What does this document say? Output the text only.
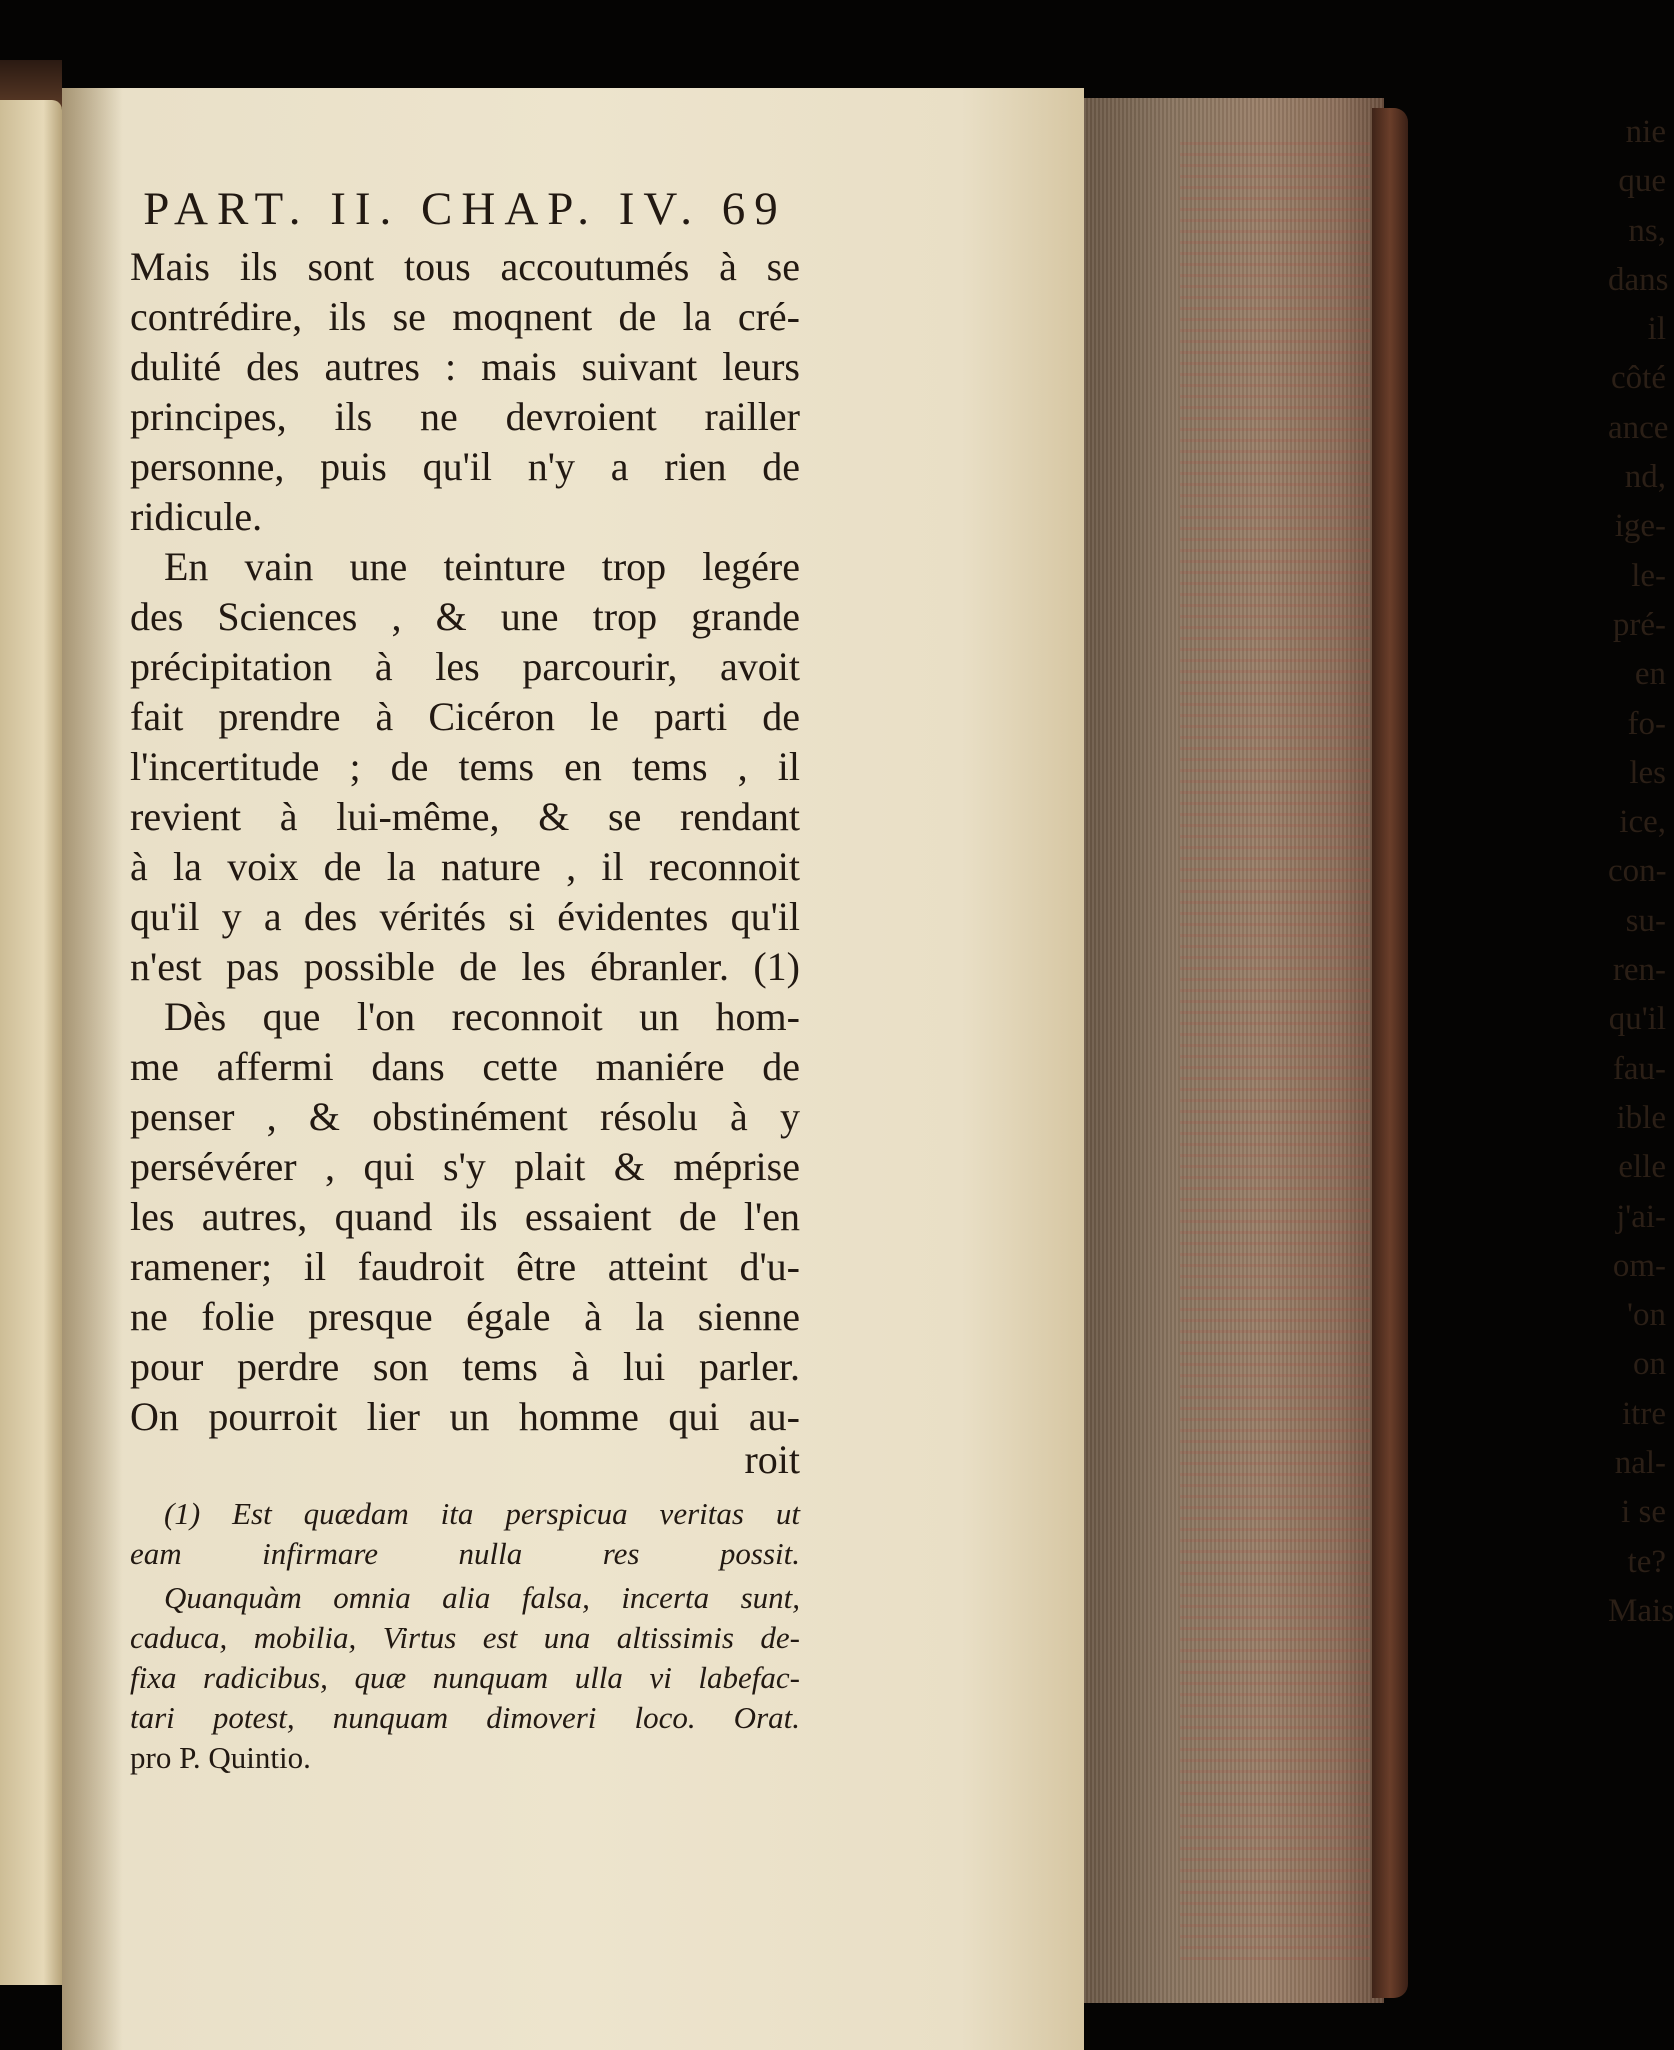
nie
que
ns,
dans
il
côté
ance
nd,
ige-
le-
pré-
en
fo-
les
ice,
con-
su-
ren-
qu'il
fau-
ible
elle
j'ai-
om-
'on
on
itre
nal-
i se
te?
Mais
PART. II. CHAP. IV. 69
Mais ils sont tous accoutumés à se
contrédire, ils se moqnent de la cré-
dulité des autres : mais suivant leurs
principes, ils ne devroient railler
personne, puis qu'il n'y a rien de
ridicule.
En vain une teinture trop legére
des Sciences , & une trop grande
précipitation à les parcourir, avoit
fait prendre à Cicéron le parti de
l'incertitude ; de tems en tems , il
revient à lui-même, & se rendant
à la voix de la nature , il reconnoit
qu'il y a des vérités si évidentes qu'il
n'est pas possible de les ébranler. (1)
Dès que l'on reconnoit un hom-
me affermi dans cette maniére de
penser , & obstinément résolu à y
persévérer , qui s'y plait & méprise
les autres, quand ils essaient de l'en
ramener; il faudroit être atteint d'u-
ne folie presque égale à la sienne
pour perdre son tems à lui parler.
On pourroit lier un homme qui au-
roit
(1) Est quædam ita perspicua veritas ut
eam infirmare nulla res possit.
Quanquàm omnia alia falsa, incerta sunt,
caduca, mobilia, Virtus est una altissimis de-
fixa radicibus, quæ nunquam ulla vi labefac-
tari potest, nunquam dimoveri loco. Orat.
pro P. Quintio.
